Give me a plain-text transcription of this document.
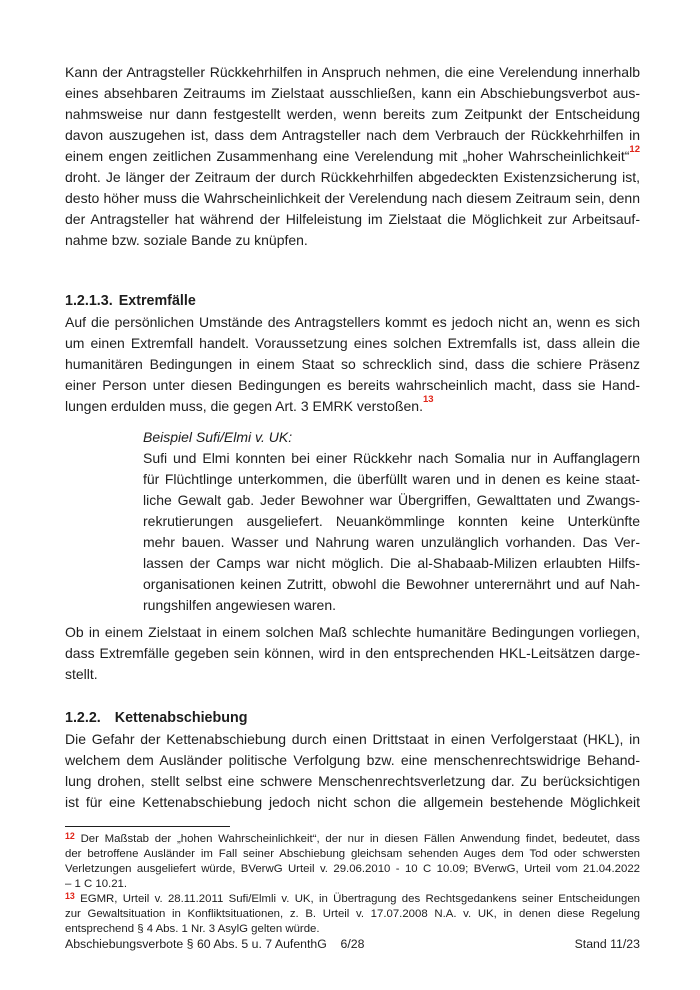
Kann der Antragsteller Rückkehrhilfen in Anspruch nehmen, die eine Verelendung innerhalb
eines absehbaren Zeitraums im Zielstaat ausschließen, kann ein Abschiebungsverbot aus-
nahmsweise nur dann festgestellt werden, wenn bereits zum Zeitpunkt der Entscheidung
davon auszugehen ist, dass dem Antragsteller nach dem Verbrauch der Rückkehrhilfen in
einem engen zeitlichen Zusammenhang eine Verelendung mit „hoher Wahrscheinlichkeit“$^{12}$
droht. Je länger der Zeitraum der durch Rückkehrhilfen abgedeckten Existenzsicherung ist,
desto höher muss die Wahrscheinlichkeit der Verelendung nach diesem Zeitraum sein, denn
der Antragsteller hat während der Hilfeleistung im Zielstaat die Möglichkeit zur Arbeitsauf-
nahme bzw. soziale Bande zu knüpfen.
1.2.1.3. Extremfälle
Auf die persönlichen Umstände des Antragstellers kommt es jedoch nicht an, wenn es sich
um einen Extremfall handelt. Voraussetzung eines solchen Extremfalls ist, dass allein die
humanitären Bedingungen in einem Staat so schrecklich sind, dass die schiere Präsenz
einer Person unter diesen Bedingungen es bereits wahrscheinlich macht, dass sie Hand-
lungen erdulden muss, die gegen Art. 3 EMRK verstoßen.$^{13}$
Beispiel Sufi/Elmi v. UK:
Sufi und Elmi konnten bei einer Rückkehr nach Somalia nur in Auffanglagern
für Flüchtlinge unterkommen, die überfüllt waren und in denen es keine staat-
liche Gewalt gab. Jeder Bewohner war Übergriffen, Gewalttaten und Zwangs-
rekrutierungen ausgeliefert. Neuankömmlinge konnten keine Unterkünfte
mehr bauen. Wasser und Nahrung waren unzulänglich vorhanden. Das Ver-
lassen der Camps war nicht möglich. Die al-Shabaab-Milizen erlaubten Hilfs-
organisationen keinen Zutritt, obwohl die Bewohner unterernährt und auf Nah-
rungshilfen angewiesen waren.
Ob in einem Zielstaat in einem solchen Maß schlechte humanitäre Bedingungen vorliegen,
dass Extremfälle gegeben sein können, wird in den entsprechenden HKL-Leitsätzen darge-
stellt.
1.2.2. Kettenabschiebung
Die Gefahr der Kettenabschiebung durch einen Drittstaat in einen Verfolgerstaat (HKL), in
welchem dem Ausländer politische Verfolgung bzw. eine menschenrechtswidrige Behand-
lung drohen, stellt selbst eine schwere Menschenrechtsverletzung dar. Zu berücksichtigen
ist für eine Kettenabschiebung jedoch nicht schon die allgemein bestehende Möglichkeit
$^{12}$ Der Maßstab der „hohen Wahrscheinlichkeit“, der nur in diesen Fällen Anwendung findet, bedeutet, dass
der betroffene Ausländer im Fall seiner Abschiebung gleichsam sehenden Auges dem Tod oder schwersten
Verletzungen ausgeliefert würde, BVerwG Urteil v. 29.06.2010 - 10 C 10.09; BVerwG, Urteil vom 21.04.2022
– 1 C 10.21.
$^{13}$ EGMR, Urteil v. 28.11.2011 Sufi/Elmli v. UK, in Übertragung des Rechtsgedankens seiner Entscheidungen
zur Gewaltsituation in Konfliktsituationen, z. B. Urteil v. 17.07.2008 N.A. v. UK, in denen diese Regelung
entsprechend § 4 Abs. 1 Nr. 3 AsylG gelten würde.
Abschiebungsverbote § 60 Abs. 5 u. 7 AufenthG	6/28	Stand 11/23
